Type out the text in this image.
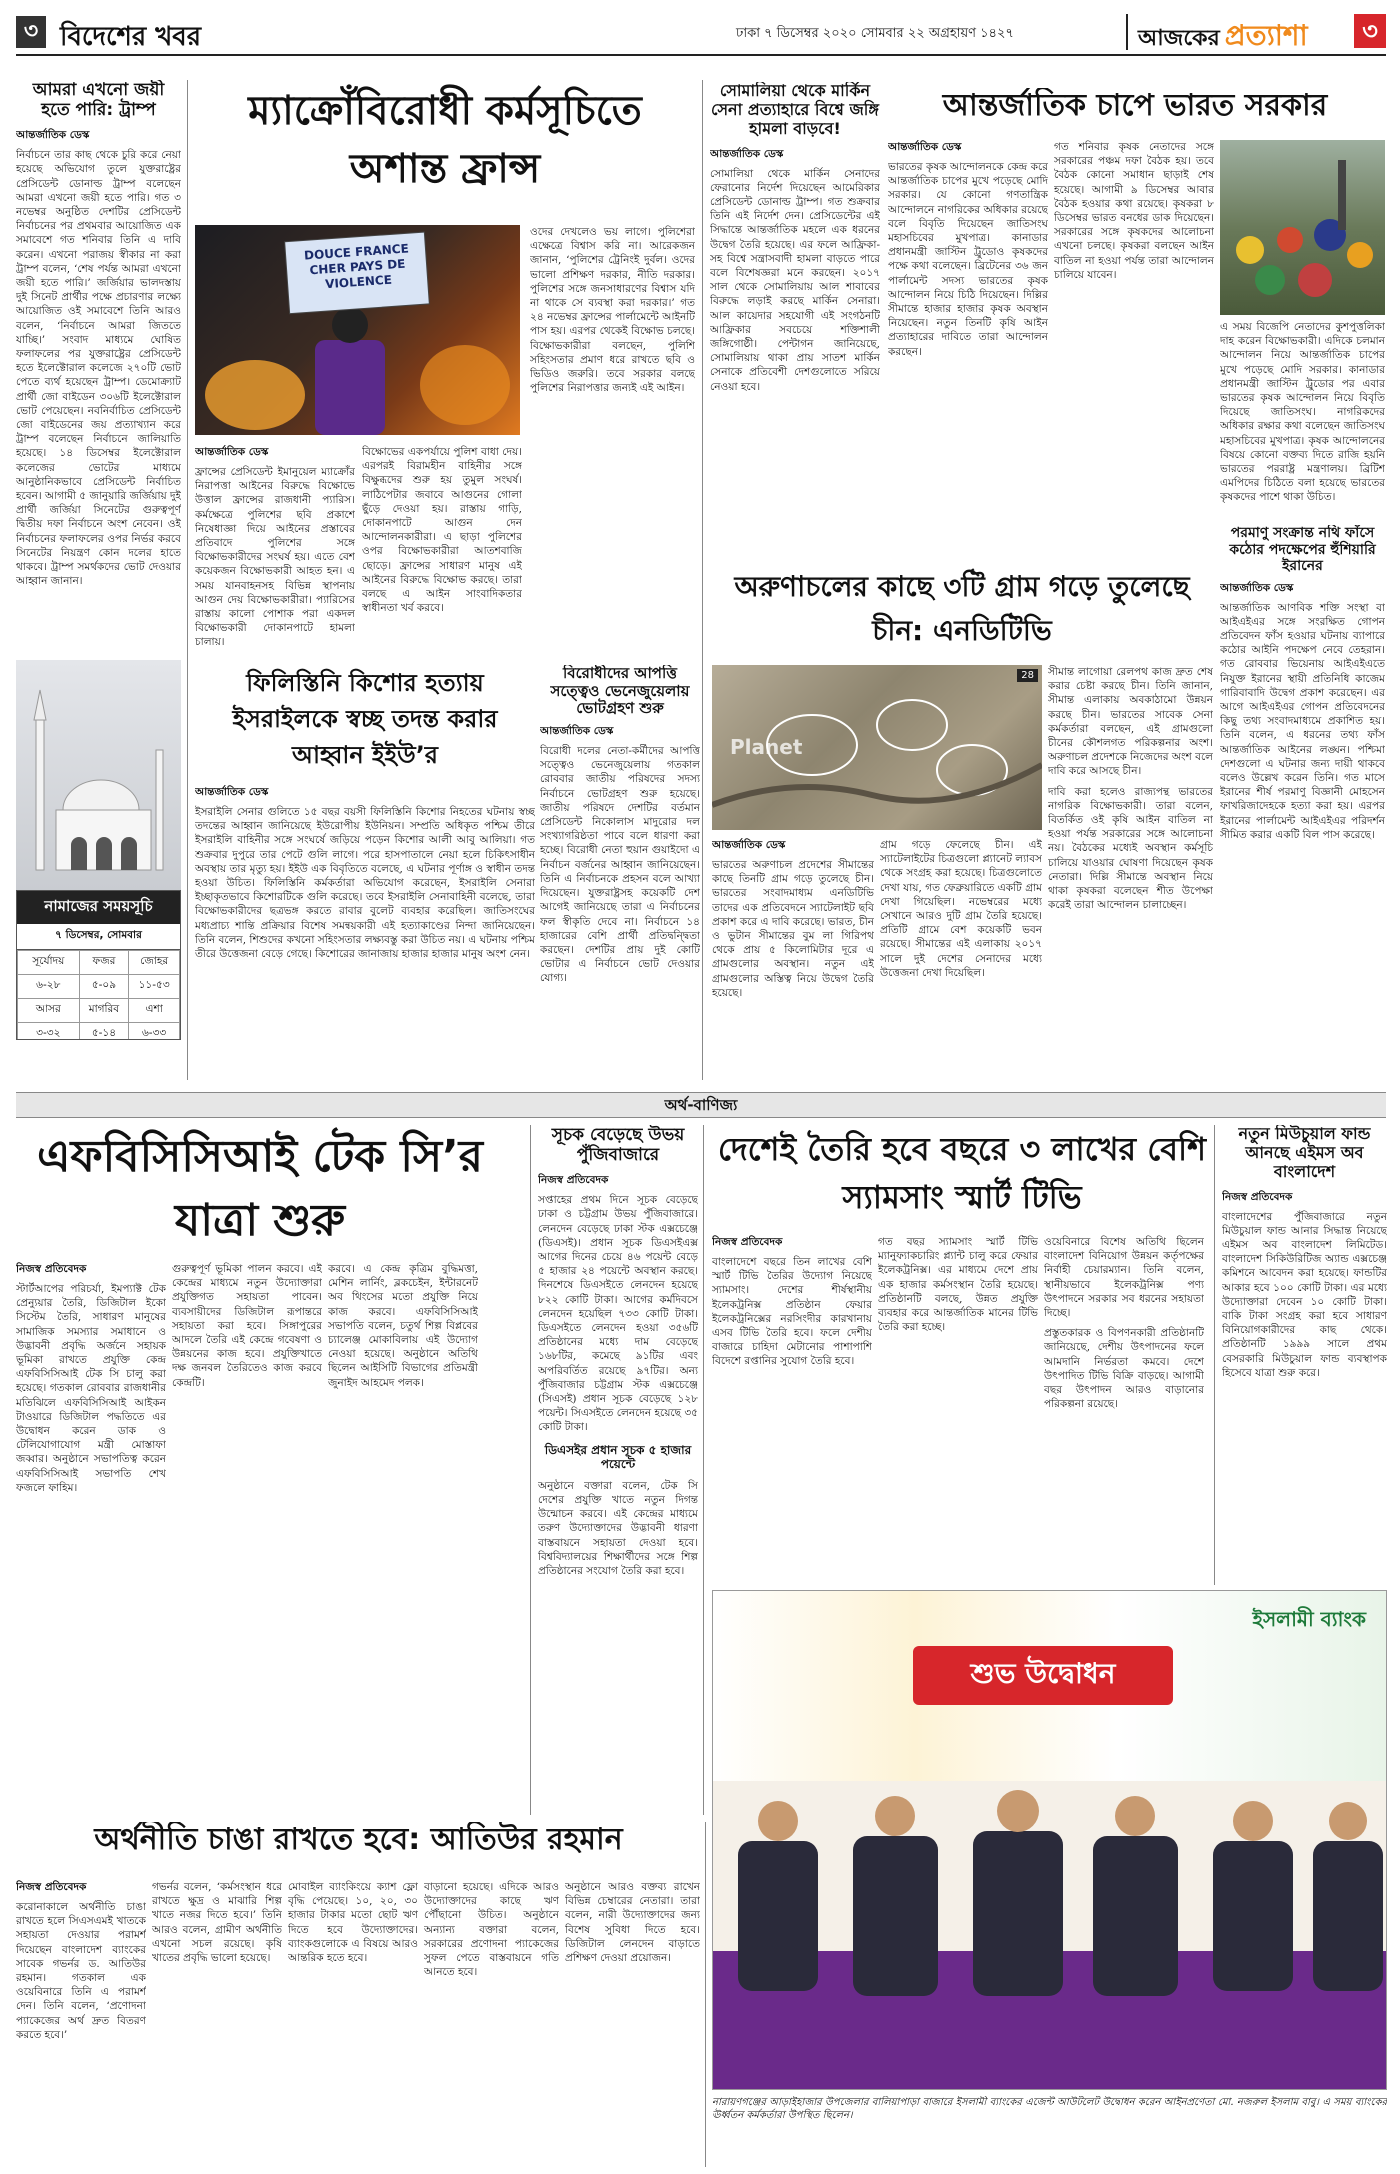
৩ বিদেশের খবর	ঢাকা ৭ ডিসেম্বর ২০২০ সোমবার ২২ অগ্রহায়ণ ১৪২৭	আজকের প্রত্যাশা	৩
আমরা এখনো জয়ী হতে পারি: ট্রাম্প
আন্তর্জাতিক ডেস্ক
নির্বাচনে তার কাছ থেকে চুরি করে নেয়া হয়েছে অভিযোগ তুলে যুক্তরাষ্ট্রের প্রেসিডেন্ট ডোনাল্ড ট্রাম্প বলেছেন আমরা এখনো জয়ী হতে পারি। গত ৩ নভেম্বর অনুষ্ঠিত দেশটির প্রেসিডেন্ট নির্বাচনের পর প্রথমবার আয়োজিত এক সমাবেশে গত শনিবার তিনি এ দাবি করেন। এখনো পরাজয় স্বীকার না করা ট্রাম্প বলেন, ‘শেষ পর্যন্ত আমরা এখনো জয়ী হতে পারি।’ জর্জিয়ার ভালদস্তায় দুই সিনেট প্রার্থীর পক্ষে প্রচারণার লক্ষ্যে আয়োজিত ওই সমাবেশে তিনি আরও বলেন, ‘নির্বাচনে আমরা জিততে যাচ্ছি।’ সংবাদ মাধ্যমে ঘোষিত ফলাফলের পর যুক্তরাষ্ট্রের প্রেসিডেন্ট হতে ইলেক্টোরাল কলেজে ২৭০টি ভোট পেতে ব্যর্থ হয়েছেন ট্রাম্প। ডেমোক্র্যাট প্রার্থী জো বাইডেন ৩০৬টি ইলেক্টোরাল ভোট পেয়েছেন। নবনির্বাচিত প্রেসিডেন্ট জো বাইডেনের জয় প্রত্যাখ্যান করে ট্রাম্প বলেছেন নির্বাচনে জালিয়াতি হয়েছে। ১৪ ডিসেম্বর ইলেক্টোরাল কলেজের ভোটের মাধ্যমে আনুষ্ঠানিকভাবে প্রেসিডেন্ট নির্বাচিত হবেন। আগামী ৫ জানুয়ারি জর্জিয়ায় দুই প্রার্থী জর্জিয়া সিনেটের গুরুত্বপূর্ণ দ্বিতীয় দফা নির্বাচনে অংশ নেবেন। ওই নির্বাচনের ফলাফলের ওপর নির্ভর করবে সিনেটের নিয়ন্ত্রণ কোন দলের হাতে থাকবে। ট্রাম্প সমর্থকদের ভোট দেওয়ার আহ্বান জানান।
নামাজের সময়সূচি
৭ ডিসেম্বর, সোমবার
সূর্যোদয়	ফজর	জোহর
৬-২৮	৫-০৯	১১-৫৩
আসর	মাগরিব	এশা
৩-৩২	৫-১৪	৬-৩৩
ম্যাক্রোঁবিরোধী কর্মসূচিতে অশান্ত ফ্রান্স
DOUCE FRANCE CHER PAYS DE VIOLENCE
ওদের দেখলেও ভয় লাগে। পুলিশেরা এক্ষেত্রে বিশ্বাস করি না। আরেকজন জানান, ‘পুলিশের ট্রেনিংই দুর্বল। ওদের ভালো প্রশিক্ষণ দরকার, নীতি দরকার। পুলিশের সঙ্গে জনসাধারণের বিশ্বাস যদি না থাকে সে ব্যবস্থা করা দরকার।’ গত ২৪ নভেম্বর ফ্রান্সের পার্লামেন্টে আইনটি পাস হয়। এরপর থেকেই বিক্ষোভ চলছে। বিক্ষোভকারীরা বলছেন, পুলিশি সহিংসতার প্রমাণ ধরে রাখতে ছবি ও ভিডিও জরুরি। তবে সরকার বলছে পুলিশের নিরাপত্তার জন্যই এই আইন।
আন্তর্জাতিক ডেস্ক
ফ্রান্সের প্রেসিডেন্ট ইমানুয়েল ম্যাক্রোঁর নিরাপত্তা আইনের বিরুদ্ধে বিক্ষোভে উত্তাল ফ্রান্সের রাজধানী প্যারিস। কর্মক্ষেত্রে পুলিশের ছবি প্রকাশে নিষেধাজ্ঞা দিয়ে আইনের প্রস্তাবের প্রতিবাদে পুলিশের সঙ্গে বিক্ষোভকারীদের সংঘর্ষ হয়। এতে বেশ কয়েকজন বিক্ষোভকারী আহত হন। এ সময় যানবাহনসহ বিভিন্ন স্থাপনায় আগুন দেয় বিক্ষোভকারীরা। প্যারিসের রাস্তায় কালো পোশাক পরা একদল বিক্ষোভকারী দোকানপাটে হামলা চালায়।
বিক্ষোভের একপর্যায়ে পুলিশ বাধা দেয়। এরপরই বিরামহীন বাহিনীর সঙ্গে বিক্ষুব্ধদের শুরু হয় তুমুল সংঘর্ষ। লাঠিপেটার জবাবে আগুনের গোলা ছুঁড়ে দেওয়া হয়। রাস্তায় গাড়ি, দোকানপাটে আগুন দেন আন্দোলনকারীরা। এ ছাড়া পুলিশের ওপর বিক্ষোভকারীরা আতশবাজি ছোড়ে। ফ্রান্সের সাধারণ মানুষ এই আইনের বিরুদ্ধে বিক্ষোভ করছে। তারা বলছে এ আইন সাংবাদিকতার স্বাধীনতা খর্ব করবে।
সোমালিয়া থেকে মার্কিন সেনা প্রত্যাহারে বিশ্বে জঙ্গি হামলা বাড়বে!
আন্তর্জাতিক ডেস্ক
সোমালিয়া থেকে মার্কিন সেনাদের ফেরানোর নির্দেশ দিয়েছেন আমেরিকার প্রেসিডেন্ট ডোনাল্ড ট্রাম্প। গত শুক্রবার তিনি এই নির্দেশ দেন। প্রেসিডেন্টের এই সিদ্ধান্তে আন্তর্জাতিক মহলে এক ধরনের উদ্বেগ তৈরি হয়েছে। এর ফলে আফ্রিকা-সহ বিশ্বে সন্ত্রাসবাদী হামলা বাড়তে পারে বলে বিশেষজ্ঞরা মনে করছেন। ২০১৭ সাল থেকে সোমালিয়ায় আল শাবাবের বিরুদ্ধে লড়াই করছে মার্কিন সেনারা। আল কায়েদার সহযোগী এই সংগঠনটি আফ্রিকার সবচেয়ে শক্তিশালী জঙ্গিগোষ্ঠী। পেন্টাগন জানিয়েছে, সোমালিয়ায় থাকা প্রায় সাতশ মার্কিন সেনাকে প্রতিবেশী দেশগুলোতে সরিয়ে নেওয়া হবে।
আন্তর্জাতিক চাপে ভারত সরকার
আন্তর্জাতিক ডেস্ক
ভারতের কৃষক আন্দোলনকে কেন্দ্র করে আন্তর্জাতিক চাপের মুখে পড়েছে মোদি সরকার। যে কোনো গণতান্ত্রিক আন্দোলনে নাগরিকের অধিকার রয়েছে বলে বিবৃতি দিয়েছেন জাতিসংঘ মহাসচিবের মুখপাত্র। কানাডার প্রধানমন্ত্রী জাস্টিন ট্রুডোও কৃষকদের পক্ষে কথা বলেছেন। ব্রিটেনের ৩৬ জন পার্লামেন্ট সদস্য ভারতের কৃষক আন্দোলন নিয়ে চিঠি দিয়েছেন। দিল্লির সীমান্তে হাজার হাজার কৃষক অবস্থান নিয়েছেন। নতুন তিনটি কৃষি আইন প্রত্যাহারের দাবিতে তারা আন্দোলন করছেন।
গত শনিবার কৃষক নেতাদের সঙ্গে সরকারের পঞ্চম দফা বৈঠক হয়। তবে বৈঠক কোনো সমাধান ছাড়াই শেষ হয়েছে। আগামী ৯ ডিসেম্বর আবার বৈঠক হওয়ার কথা রয়েছে। কৃষকরা ৮ ডিসেম্বর ভারত বনধের ডাক দিয়েছেন। সরকারের সঙ্গে কৃষকদের আলোচনা এখনো চলছে। কৃষকরা বলছেন আইন বাতিল না হওয়া পর্যন্ত তারা আন্দোলন চালিয়ে যাবেন।
এ সময় বিজেপি নেতাদের কুশপুত্তলিকা দাহ করেন বিক্ষোভকারী। এদিকে চলমান আন্দোলন নিয়ে আন্তর্জাতিক চাপের মুখে পড়েছে মোদি সরকার। কানাডার প্রধানমন্ত্রী জাস্টিন ট্রুডোর পর এবার ভারতের কৃষক আন্দোলন নিয়ে বিবৃতি দিয়েছে জাতিসংঘ। নাগরিকদের অধিকার রক্ষার কথা বলেছেন জাতিসংঘ মহাসচিবের মুখপাত্র। কৃষক আন্দোলনের বিষয়ে কোনো বক্তব্য দিতে রাজি হয়নি ভারতের পররাষ্ট্র মন্ত্রণালয়। ব্রিটিশ এমপিদের চিঠিতে বলা হয়েছে ভারতের কৃষকদের পাশে থাকা উচিত।
পরমাণু সংক্রান্ত নথি ফাঁসে কঠোর পদক্ষেপের হুঁশিয়ারি ইরানের
আন্তর্জাতিক ডেস্ক
আন্তর্জাতিক আণবিক শক্তি সংস্থা বা আইএইএর সঙ্গে সংরক্ষিত গোপন প্রতিবেদন ফাঁস হওয়ার ঘটনায় ব্যাপারে কঠোর আইনি পদক্ষেপ নেবে তেহরান। গত রোববার ভিয়েনায় আইএইএতে নিযুক্ত ইরানের স্থায়ী প্রতিনিধি কাজেম গারিবাবাদি উদ্বেগ প্রকাশ করেছেন। এর আগে আইএইএর গোপন প্রতিবেদনের কিছু তথ্য সংবাদমাধ্যমে প্রকাশিত হয়। তিনি বলেন, এ ধরনের তথ্য ফাঁস আন্তর্জাতিক আইনের লঙ্ঘন। পশ্চিমা দেশগুলো এ ঘটনার জন্য দায়ী থাকবে বলেও উল্লেখ করেন তিনি। গত মাসে ইরানের শীর্ষ পরমাণু বিজ্ঞানী মোহসেন ফাখরিজাদেহকে হত্যা করা হয়। এরপর ইরানের পার্লামেন্ট আইএইএর পরিদর্শন সীমিত করার একটি বিল পাস করেছে।
অরুণাচলের কাছে ৩টি গ্রাম গড়ে তুলেছে চীন: এনডিটিভি
Planet
28
আন্তর্জাতিক ডেস্ক
ভারতের অরুণাচল প্রদেশের সীমান্তের কাছে তিনটি গ্রাম গড়ে তুলেছে চীন। ভারতের সংবাদমাধ্যম এনডিটিভি তাদের এক প্রতিবেদনে স্যাটেলাইট ছবি প্রকাশ করে এ দাবি করেছে। ভারত, চীন ও ভুটান সীমান্তের বুম লা গিরিপথ থেকে প্রায় ৫ কিলোমিটার দূরে এ গ্রামগুলোর অবস্থান। নতুন এই গ্রামগুলোর অস্তিত্ব নিয়ে উদ্বেগ তৈরি হয়েছে।
গ্রাম গড়ে ফেলেছে চীন। এই স্যাটেলাইটের চিত্রগুলো প্ল্যানেট ল্যাবস থেকে সংগ্রহ করা হয়েছে। চিত্রগুলোতে দেখা যায়, গত ফেব্রুয়ারিতে একটি গ্রাম দেখা গিয়েছিল। নভেম্বরের মধ্যে সেখানে আরও দুটি গ্রাম তৈরি হয়েছে। প্রতিটি গ্রামে বেশ কয়েকটি ভবন রয়েছে। সীমান্তের এই এলাকায় ২০১৭ সালে দুই দেশের সেনাদের মধ্যে উত্তেজনা দেখা দিয়েছিল।
সীমান্ত লাগোয়া রেলপথ কাজ দ্রুত শেষ করার চেষ্টা করছে চীন। তিনি জানান, সীমান্ত এলাকায় অবকাঠামো উন্নয়ন করছে চীন। ভারতের সাবেক সেনা কর্মকর্তারা বলছেন, এই গ্রামগুলো চীনের কৌশলগত পরিকল্পনার অংশ। অরুণাচল প্রদেশকে নিজেদের অংশ বলে দাবি করে আসছে চীন।
দাবি করা হলেও রাজ্যপন্থ ভারতের নাগরিক বিক্ষোভকারী। তারা বলেন, বিতর্কিত ওই কৃষি আইন বাতিল না হওয়া পর্যন্ত সরকারের সঙ্গে আলোচনা নয়। বৈঠকের মধ্যেই অবস্থান কর্মসূচি চালিয়ে যাওয়ার ঘোষণা দিয়েছেন কৃষক নেতারা। দিল্লি সীমান্তে অবস্থান নিয়ে থাকা কৃষকরা বলেছেন শীত উপেক্ষা করেই তারা আন্দোলন চালাচ্ছেন।
ফিলিস্তিনি কিশোর হত্যায় ইসরাইলকে স্বচ্ছ তদন্ত করার আহ্বান ইইউ’র
আন্তর্জাতিক ডেস্ক
ইসরাইলি সেনার গুলিতে ১৫ বছর বয়সী ফিলিস্তিনি কিশোর নিহতের ঘটনায় স্বচ্ছ তদন্তের আহ্বান জানিয়েছে ইউরোপীয় ইউনিয়ন। সম্প্রতি অধিকৃত পশ্চিম তীরে ইসরাইলি বাহিনীর সঙ্গে সংঘর্ষে জড়িয়ে পড়েন কিশোর আলী আবু আলিয়া। গত শুক্রবার দুপুরে তার পেটে গুলি লাগে। পরে হাসপাতালে নেয়া হলে চিকিৎসাধীন অবস্থায় তার মৃত্যু হয়। ইইউ এক বিবৃতিতে বলেছে, এ ঘটনার পূর্ণাঙ্গ ও স্বাধীন তদন্ত হওয়া উচিত। ফিলিস্তিনি কর্মকর্তারা অভিযোগ করেছেন, ইসরাইলি সেনারা ইচ্ছাকৃতভাবে কিশোরটিকে গুলি করেছে। তবে ইসরাইলি সেনাবাহিনী বলেছে, তারা বিক্ষোভকারীদের ছত্রভঙ্গ করতে রাবার বুলেট ব্যবহার করেছিল। জাতিসংঘের মধ্যপ্রাচ্য শান্তি প্রক্রিয়ার বিশেষ সমন্বয়কারী এই হত্যাকাণ্ডের নিন্দা জানিয়েছেন। তিনি বলেন, শিশুদের কখনো সহিংসতার লক্ষ্যবস্তু করা উচিত নয়। এ ঘটনায় পশ্চিম তীরে উত্তেজনা বেড়ে গেছে। কিশোরের জানাজায় হাজার হাজার মানুষ অংশ নেন।
বিরোধীদের আপত্তি সত্ত্বেও ভেনেজুয়েলায় ভোটগ্রহণ শুরু
আন্তর্জাতিক ডেস্ক
বিরোধী দলের নেতা-কর্মীদের আপত্তি সত্ত্বেও ভেনেজুয়েলায় গতকাল রোববার জাতীয় পরিষদের সদস্য নির্বাচনে ভোটগ্রহণ শুরু হয়েছে। জাতীয় পরিষদে দেশটির বর্তমান প্রেসিডেন্ট নিকোলাস মাদুরোর দল সংখ্যাগরিষ্ঠতা পাবে বলে ধারণা করা হচ্ছে। বিরোধী নেতা হুয়ান গুয়াইদো এ নির্বাচন বর্জনের আহ্বান জানিয়েছেন। তিনি এ নির্বাচনকে প্রহসন বলে আখ্যা দিয়েছেন। যুক্তরাষ্ট্রসহ কয়েকটি দেশ আগেই জানিয়েছে তারা এ নির্বাচনের ফল স্বীকৃতি দেবে না। নির্বাচনে ১৪ হাজারের বেশি প্রার্থী প্রতিদ্বন্দ্বিতা করছেন। দেশটির প্রায় দুই কোটি ভোটার এ নির্বাচনে ভোট দেওয়ার যোগ্য।
অর্থ-বাণিজ্য
এফবিসিসিআই টেক সি’র যাত্রা শুরু
নিজস্ব প্রতিবেদক
স্টার্টআপের পরিচর্যা, ইমপ্যাক্ট টেক প্রেন্যুয়ার তৈরি, ডিজিটাল ইকো সিস্টেম তৈরি, সাধারণ মানুষের সামাজিক সমস্যার সমাধানে ও উদ্ভাবনী প্রবৃদ্ধি অর্জনে সহায়ক ভূমিকা রাখতে প্রযুক্তি কেন্দ্র এফবিসিসিআই টেক সি চালু করা হয়েছে। গতকাল রোববার রাজধানীর মতিঝিলে এফবিসিসিআই আইকন টাওয়ারে ডিজিটাল পদ্ধতিতে এর উদ্বোধন করেন ডাক ও টেলিযোগাযোগ মন্ত্রী মোস্তাফা জব্বার। অনুষ্ঠানে সভাপতিত্ব করেন এফবিসিসিআই সভাপতি শেখ ফজলে ফাহিম।
গুরুত্বপূর্ণ ভূমিকা পালন করবে। এই কেন্দ্রের মাধ্যমে নতুন উদ্যোক্তারা প্রযুক্তিগত সহায়তা পাবেন। ব্যবসায়ীদের ডিজিটাল রূপান্তরে সহায়তা করা হবে। সিঙ্গাপুরের আদলে তৈরি এই কেন্দ্রে গবেষণা ও উন্নয়নের কাজ হবে। প্রযুক্তিখাতে দক্ষ জনবল তৈরিতেও কাজ করবে কেন্দ্রটি।
করবে। এ কেন্দ্র কৃত্রিম বুদ্ধিমত্তা, মেশিন লার্নিং, ব্লকচেইন, ইন্টারনেট অব থিংসের মতো প্রযুক্তি নিয়ে কাজ করবে। এফবিসিসিআই সভাপতি বলেন, চতুর্থ শিল্প বিপ্লবের চ্যালেঞ্জ মোকাবিলায় এই উদ্যোগ নেওয়া হয়েছে। অনুষ্ঠানে অতিথি ছিলেন আইসিটি বিভাগের প্রতিমন্ত্রী জুনাইদ আহমেদ পলক।
সূচক বেড়েছে উভয় পুঁজিবাজারে
নিজস্ব প্রতিবেদক
সপ্তাহের প্রথম দিনে সূচক বেড়েছে ঢাকা ও চট্টগ্রাম উভয় পুঁজিবাজারে। লেনদেন বেড়েছে ঢাকা স্টক এক্সচেঞ্জে (ডিএসই)। প্রধান সূচক ডিএসইএক্স আগের দিনের চেয়ে ৪৬ পয়েন্ট বেড়ে ৫ হাজার ২৪ পয়েন্টে অবস্থান করছে। দিনশেষে ডিএসইতে লেনদেন হয়েছে ৮২২ কোটি টাকা। আগের কর্মদিবসে লেনদেন হয়েছিল ৭৩৩ কোটি টাকা। ডিএসইতে লেনদেন হওয়া ৩৫৬টি প্রতিষ্ঠানের মধ্যে দাম বেড়েছে ১৬৮টির, কমেছে ৯১টির এবং অপরিবর্তিত রয়েছে ৯৭টির। অন্য পুঁজিবাজার চট্টগ্রাম স্টক এক্সচেঞ্জে (সিএসই) প্রধান সূচক বেড়েছে ১২৮ পয়েন্ট। সিএসইতে লেনদেন হয়েছে ৩৫ কোটি টাকা।
ডিএসইর প্রধান সূচক ৫ হাজার পয়েন্টে
অনুষ্ঠানে বক্তারা বলেন, টেক সি দেশের প্রযুক্তি খাতে নতুন দিগন্ত উন্মোচন করবে। এই কেন্দ্রের মাধ্যমে তরুণ উদ্যোক্তাদের উদ্ভাবনী ধারণা বাস্তবায়নে সহায়তা দেওয়া হবে। বিশ্ববিদ্যালয়ের শিক্ষার্থীদের সঙ্গে শিল্প প্রতিষ্ঠানের সংযোগ তৈরি করা হবে।
দেশেই তৈরি হবে বছরে ৩ লাখের বেশি স্যামসাং স্মার্ট টিভি
নিজস্ব প্রতিবেদক
বাংলাদেশে বছরে তিন লাখের বেশি স্মার্ট টিভি তৈরির উদ্যোগ নিয়েছে স্যামসাং। দেশের শীর্ষস্থানীয় ইলেকট্রনিক্স প্রতিষ্ঠান ফেয়ার ইলেকট্রনিক্সের নরসিংদীর কারখানায় এসব টিভি তৈরি হবে। ফলে দেশীয় বাজারে চাহিদা মেটানোর পাশাপাশি বিদেশে রপ্তানির সুযোগ তৈরি হবে।
গত বছর স্যামসাং স্মার্ট টিভি ম্যানুফ্যাকচারিং প্ল্যান্ট চালু করে ফেয়ার ইলেকট্রনিক্স। এর মাধ্যমে দেশে প্রায় এক হাজার কর্মসংস্থান তৈরি হয়েছে। প্রতিষ্ঠানটি বলছে, উন্নত প্রযুক্তি ব্যবহার করে আন্তর্জাতিক মানের টিভি তৈরি করা হচ্ছে।
ওয়েবিনারে বিশেষ অতিথি ছিলেন বাংলাদেশ বিনিয়োগ উন্নয়ন কর্তৃপক্ষের নির্বাহী চেয়ারম্যান। তিনি বলেন, স্থানীয়ভাবে ইলেকট্রনিক্স পণ্য উৎপাদনে সরকার সব ধরনের সহায়তা দিচ্ছে।
প্রস্তুতকারক ও বিপণনকারী প্রতিষ্ঠানটি জানিয়েছে, দেশীয় উৎপাদনের ফলে আমদানি নির্ভরতা কমবে। দেশে উৎপাদিত টিভি বিক্রি বাড়ছে। আগামী বছর উৎপাদন আরও বাড়ানোর পরিকল্পনা রয়েছে।
নতুন মিউচুয়াল ফান্ড আনছে এইমস অব বাংলাদেশ
নিজস্ব প্রতিবেদক
বাংলাদেশের পুঁজিবাজারে নতুন মিউচুয়াল ফান্ড আনার সিদ্ধান্ত নিয়েছে এইমস অব বাংলাদেশ লিমিটেড। বাংলাদেশ সিকিউরিটিজ অ্যান্ড এক্সচেঞ্জ কমিশনে আবেদন করা হয়েছে। ফান্ডটির আকার হবে ১০০ কোটি টাকা। এর মধ্যে উদ্যোক্তারা দেবেন ১০ কোটি টাকা। বাকি টাকা সংগ্রহ করা হবে সাধারণ বিনিয়োগকারীদের কাছ থেকে। প্রতিষ্ঠানটি ১৯৯৯ সালে প্রথম বেসরকারি মিউচুয়াল ফান্ড ব্যবস্থাপক হিসেবে যাত্রা শুরু করে।
ইসলামী ব্যাংক
শুভ উদ্বোধন
নারায়ণগঞ্জের আড়াইহাজার উপজেলার বালিয়াপাড়া বাজারে ইসলামী ব্যাংকের এজেন্ট আউটলেট উদ্বোধন করেন আইনপ্রণেতা মো. নজরুল ইসলাম বাবু। এ সময় ব্যাংকের ঊর্ধ্বতন কর্মকর্তারা উপস্থিত ছিলেন।
অর্থনীতি চাঙা রাখতে হবে: আতিউর রহমান
নিজস্ব প্রতিবেদক
করোনাকালে অর্থনীতি চাঙা রাখতে হলে সিএসএমই খাতকে সহায়তা দেওয়ার পরামর্শ দিয়েছেন বাংলাদেশ ব্যাংকের সাবেক গভর্নর ড. আতিউর রহমান। গতকাল এক ওয়েবিনারে তিনি এ পরামর্শ দেন। তিনি বলেন, ‘প্রণোদনা প্যাকেজের অর্থ দ্রুত বিতরণ করতে হবে।’
গভর্নর বলেন, ‘কর্মসংস্থান ধরে রাখতে ক্ষুদ্র ও মাঝারি শিল্প খাতে নজর দিতে হবে।’ তিনি আরও বলেন, গ্রামীণ অর্থনীতি এখনো সচল রয়েছে। কৃষি খাতের প্রবৃদ্ধি ভালো হয়েছে।
মোবাইল ব্যাংকিংয়ে ক্যাশ ফ্লো বৃদ্ধি পেয়েছে। ১০, ২০, ৩০ হাজার টাকার মতো ছোট ঋণ দিতে হবে উদ্যোক্তাদের। ব্যাংকগুলোকে এ বিষয়ে আরও আন্তরিক হতে হবে।
বাড়ানো হয়েছে। এদিকে আরও উদ্যোক্তাদের কাছে ঋণ পৌঁছানো উচিত। অনুষ্ঠানে অন্যান্য বক্তারা বলেন, সরকারের প্রণোদনা প্যাকেজের সুফল পেতে বাস্তবায়নে গতি আনতে হবে।
অনুষ্ঠানে আরও বক্তব্য রাখেন বিভিন্ন চেম্বারের নেতারা। তারা বলেন, নারী উদ্যোক্তাদের জন্য বিশেষ সুবিধা দিতে হবে। ডিজিটাল লেনদেন বাড়াতে প্রশিক্ষণ দেওয়া প্রয়োজন।
